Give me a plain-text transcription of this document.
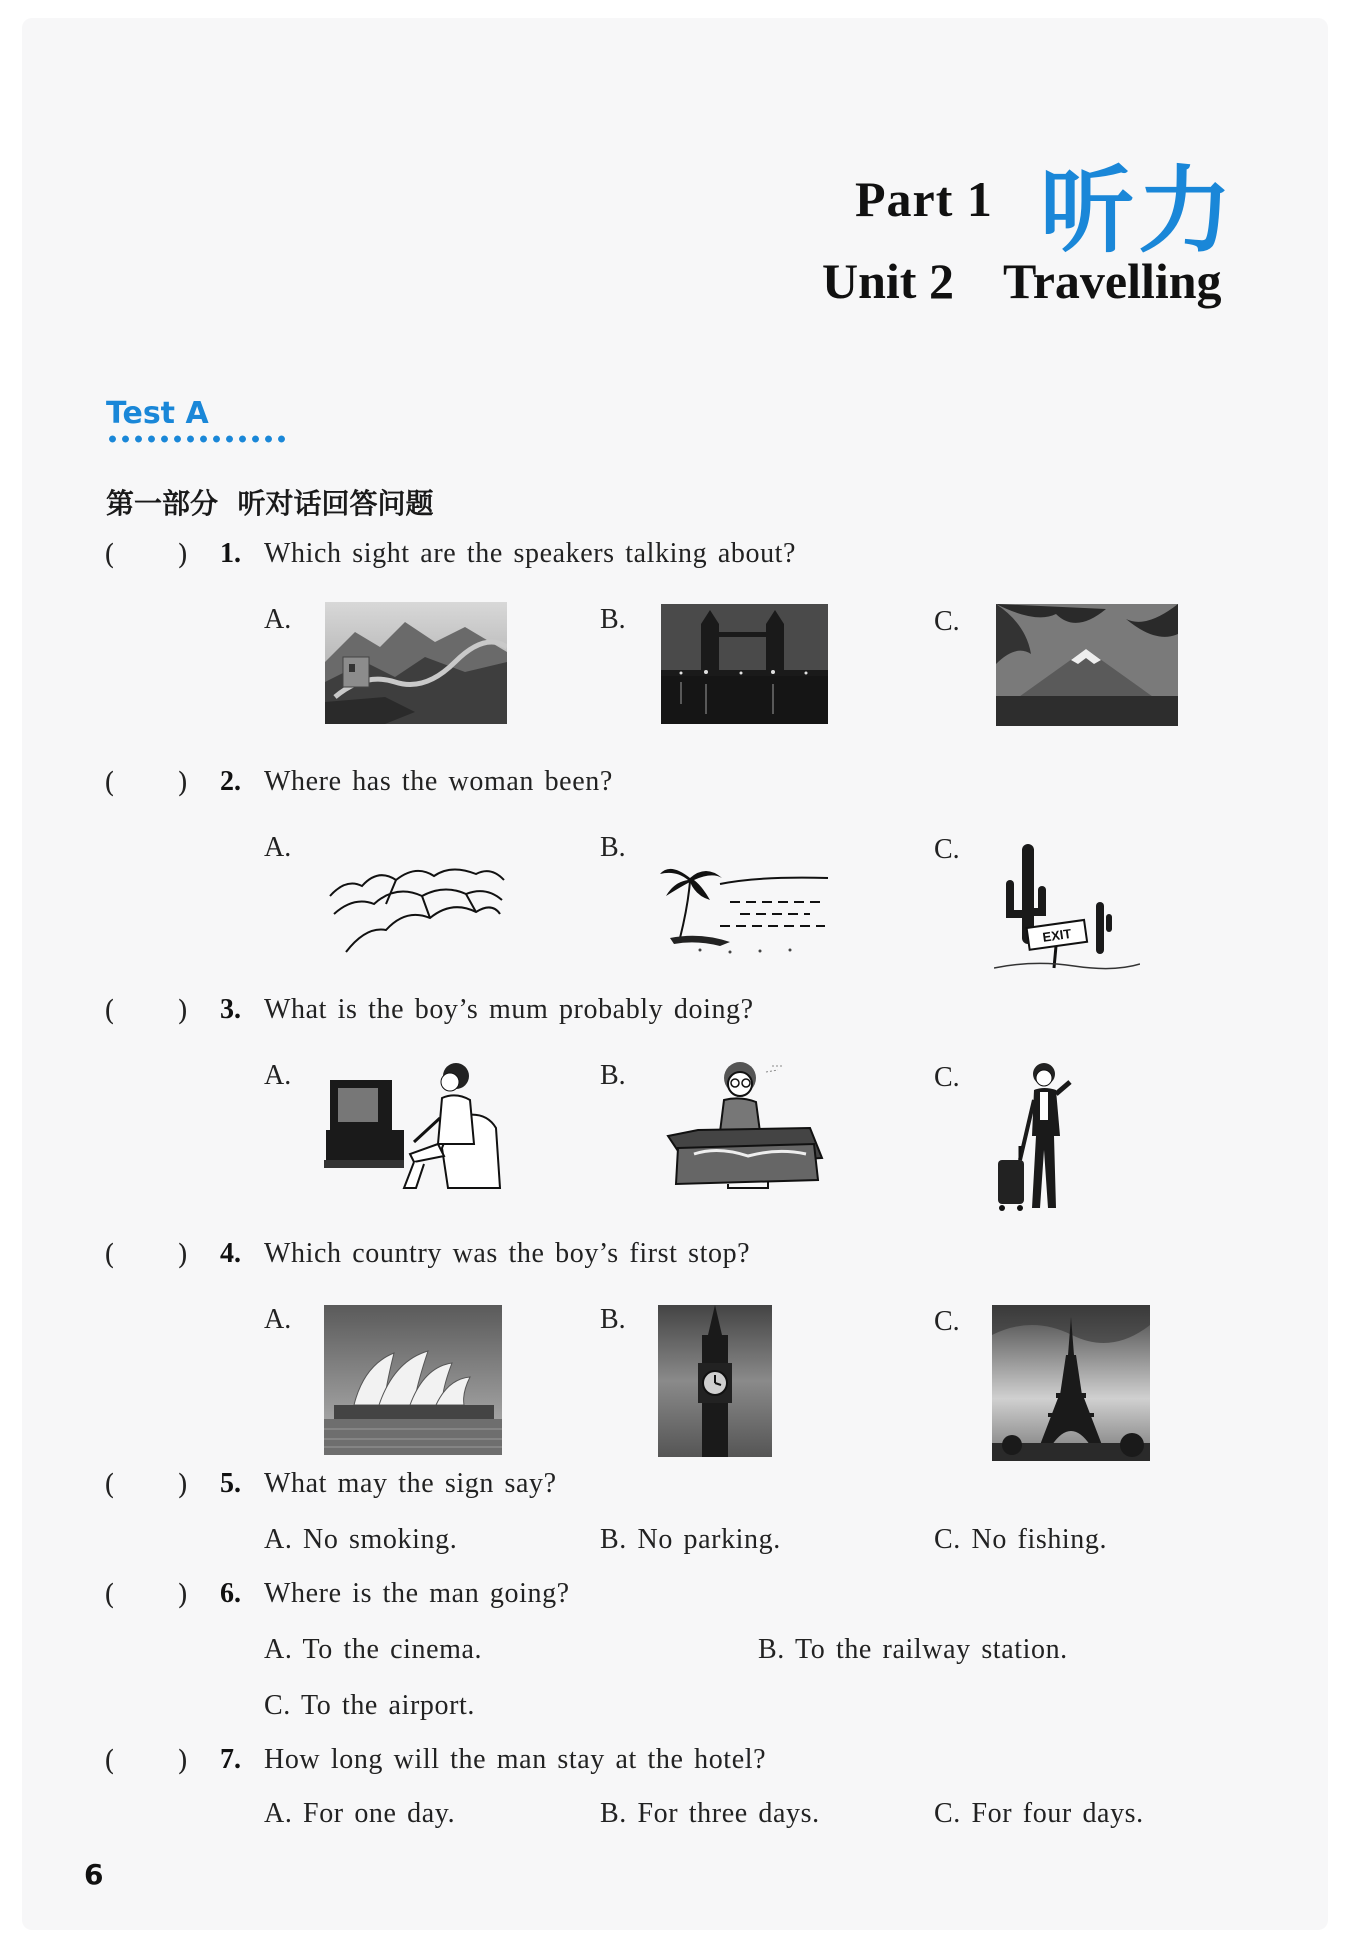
Part 1 听力
Unit 2    Travelling
Test A
第一部分  听对话回答问题
(       ) 1. Which sight are the speakers talking about?
A.	B.	C.
(       ) 2. Where has the woman been?
A.	B.	C.
EXIT
(       ) 3. What is the boy’s mum probably doing?
A.	B.	C.
(       ) 4. Which country was the boy’s first stop?
A.	B.	C.
(       ) 5. What may the sign say?
A. No smoking.	B. No parking.	C. No fishing.
(       ) 6. Where is the man going?
A. To the cinema.	B. To the railway station.
C. To the airport.
(       ) 7. How long will the man stay at the hotel?
A. For one day.	B. For three days.	C. For four days.
6
